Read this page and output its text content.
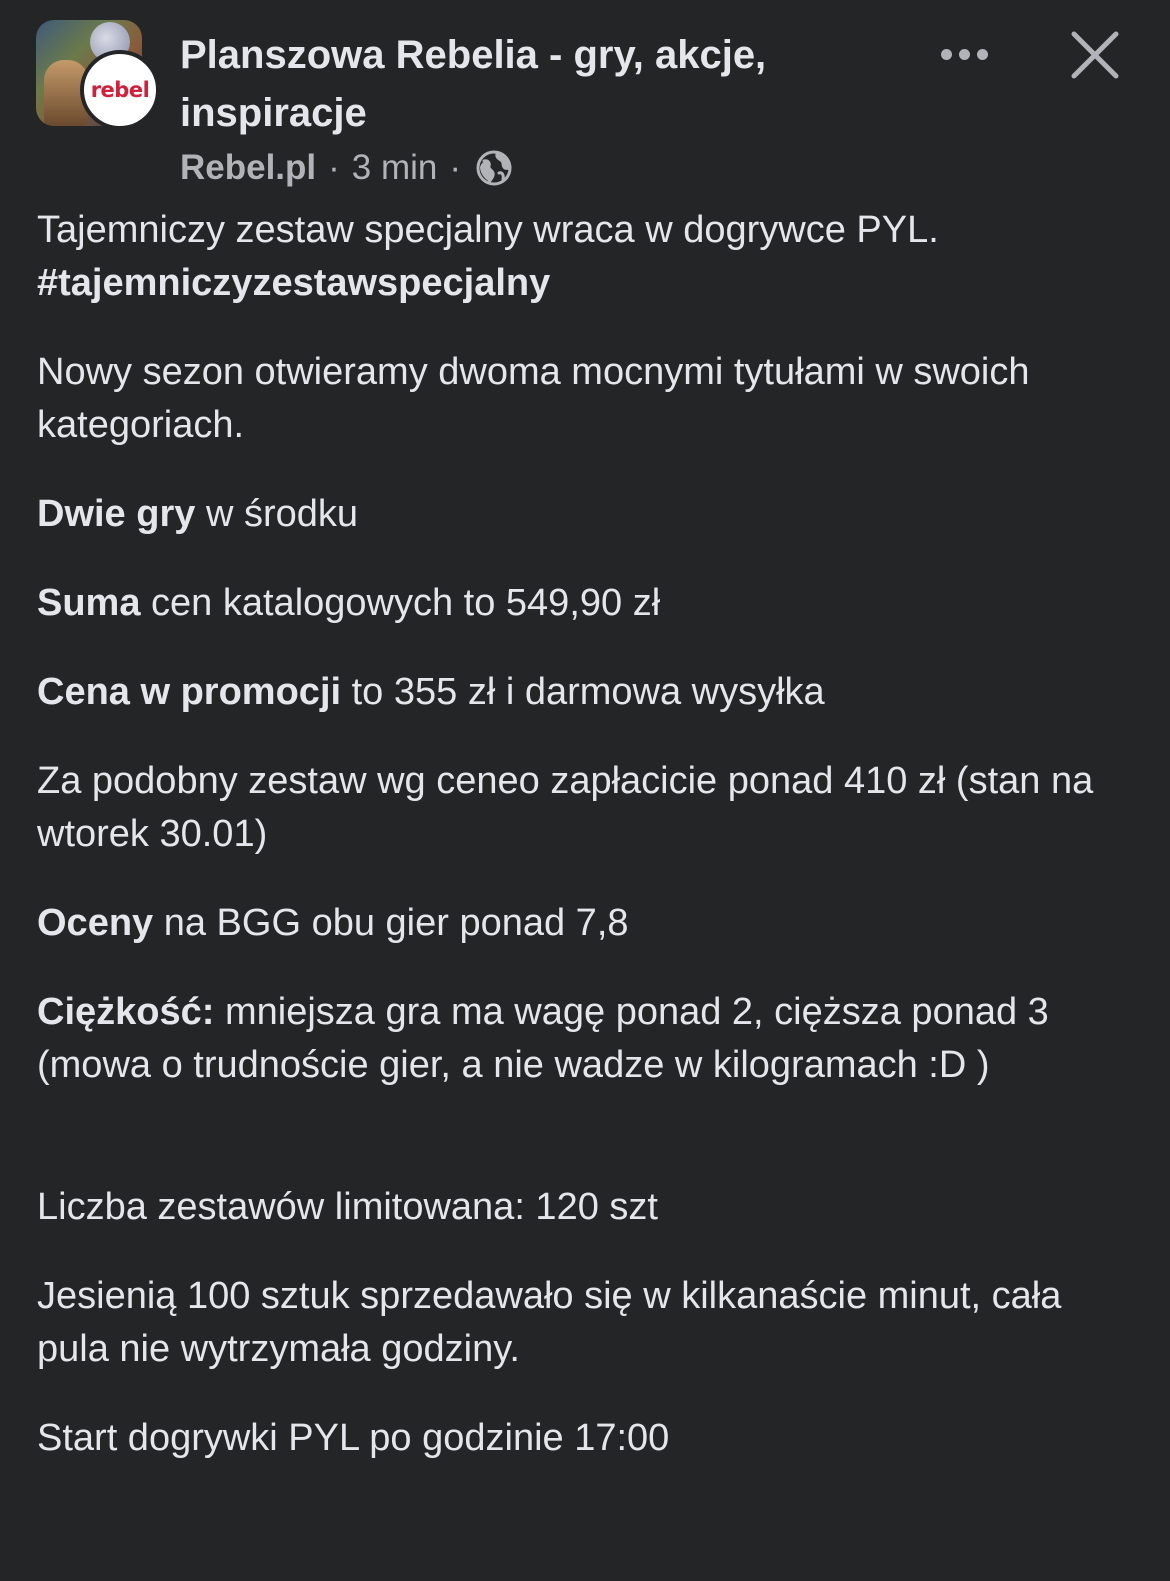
rebel
Planszowa Rebelia - gry, akcje, inspiracje
Rebel.pl · 3 min ·

Tajemniczy zestaw specjalny wraca w dogrywce PYL.
#tajemniczyzestawspecjalny

Nowy sezon otwieramy dwoma mocnymi tytułami w swoich kategoriach.

Dwie gry w środku

Suma cen katalogowych to 549,90 zł

Cena w promocji to 355 zł i darmowa wysyłka

Za podobny zestaw wg ceneo zapłacicie ponad 410 zł (stan na wtorek 30.01)

Oceny na BGG obu gier ponad 7,8

Ciężkość: mniejsza gra ma wagę ponad 2, cięższa ponad 3 (mowa o trudnoście gier, a nie wadze w kilogramach :D )

Liczba zestawów limitowana: 120 szt

Jesienią 100 sztuk sprzedawało się w kilkanaście minut, cała pula nie wytrzymała godziny.

Start dogrywki PYL po godzinie 17:00
